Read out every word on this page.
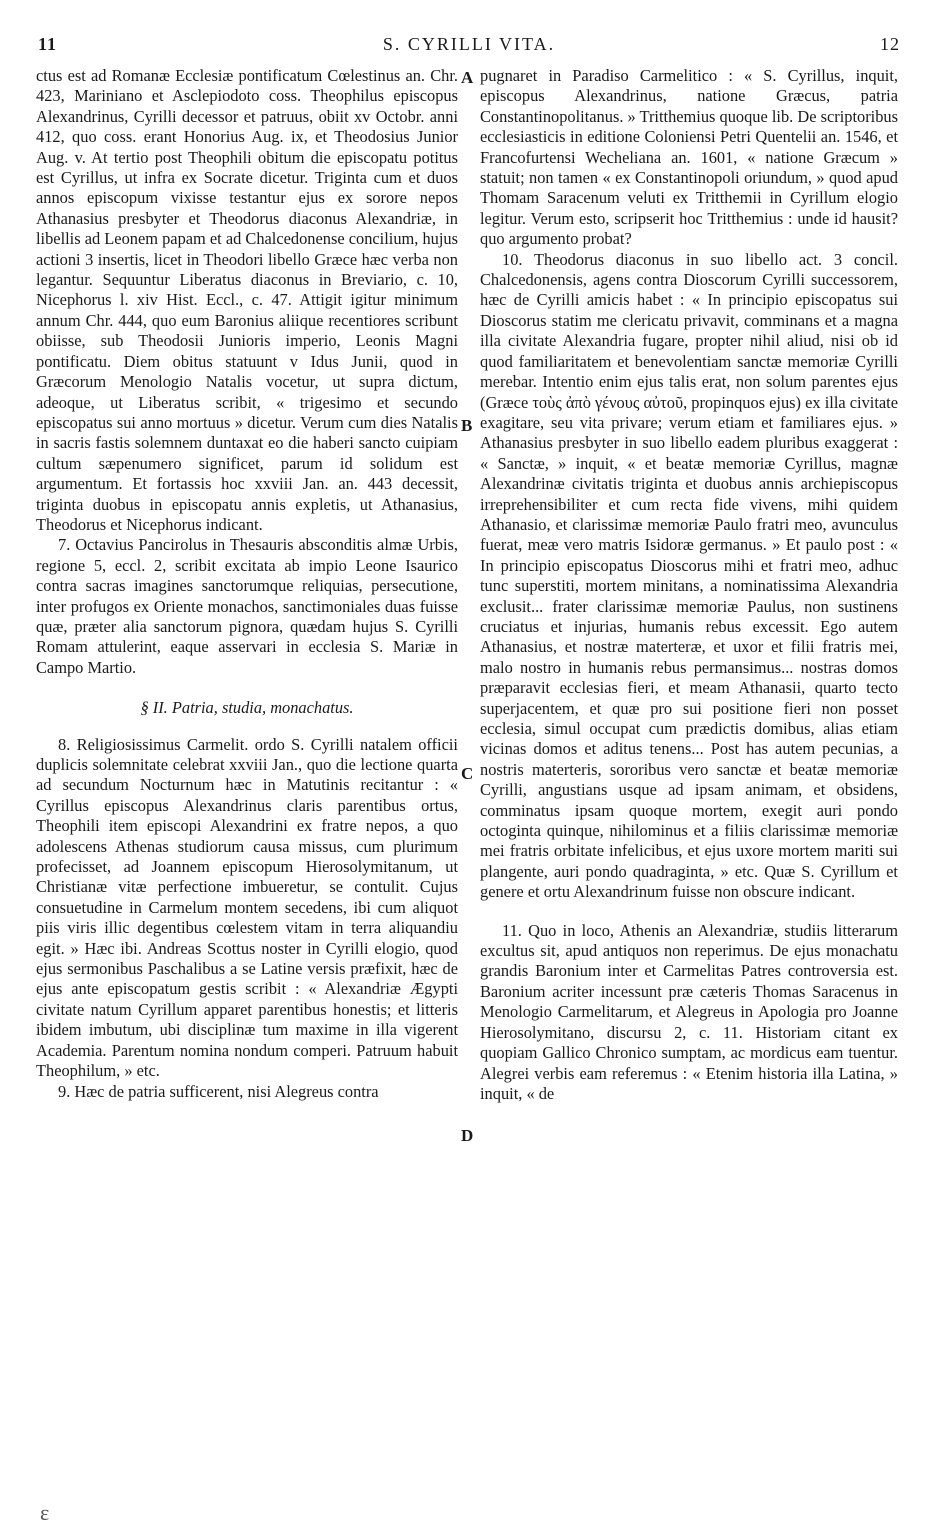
11	S. CYRILLI VITA.	12

ctus est ad Romanæ Ecclesiæ pontificatum Cœlestinus an. Chr. 423, Mariniano et Asclepiodoto coss. Theophilus episcopus Alexandrinus, Cyrilli decessor et patruus, obiit xv Octobr. anni 412, quo coss. erant Honorius Aug. ix, et Theodosius Junior Aug. v. At tertio post Theophili obitum die episcopatu potitus est Cyrillus, ut infra ex Socrate dicetur. Triginta cum et duos annos episcopum vixisse testantur ejus ex sorore nepos Athanasius presbyter et Theodorus diaconus Alexandriæ, in libellis ad Leonem papam et ad Chalcedonense concilium, hujus actioni 3 insertis, licet in Theodori libello Græce hæc verba non legantur. Sequuntur Liberatus diaconus in Breviario, c. 10, Nicephorus l. xiv Hist. Eccl., c. 47. Attigit igitur minimum annum Chr. 444, quo eum Baronius aliique recentiores scribunt obiisse, sub Theodosii Junioris imperio, Leonis Magni pontificatu. Diem obitus statuunt v Idus Junii, quod in Græcorum Menologio Natalis vocetur, ut supra dictum, adeoque, ut Liberatus scribit, « trigesimo et secundo episcopatus sui anno mortuus » dicetur. Verum cum dies Natalis in sacris fastis solemnem duntaxat eo die haberi sancto cuipiam cultum sæpenumero significet, parum id solidum est argumentum. Et fortassis hoc xxviii Jan. an. 443 decessit, triginta duobus in episcopatu annis expletis, ut Athanasius, Theodorus et Nicephorus indicant.

7. Octavius Pancirolus in Thesauris absconditis almæ Urbis, regione 5, eccl. 2, scribit excitata ab impio Leone Isaurico contra sacras imagines sanctorumque reliquias, persecutione, inter profugos ex Oriente monachos, sanctimoniales duas fuisse quæ, præter alia sanctorum pignora, quædam hujus S. Cyrilli Romam attulerint, eaque asservari in ecclesia S. Mariæ in Campo Martio.

§ II. Patria, studia, monachatus.

8. Religiosissimus Carmelit. ordo S. Cyrilli natalem officii duplicis solemnitate celebrat xxviii Jan., quo die lectione quarta ad secundum Nocturnum hæc in Matutinis recitantur : « Cyrillus episcopus Alexandrinus claris parentibus ortus, Theophili item episcopi Alexandrini ex fratre nepos, a quo adolescens Athenas studiorum causa missus, cum plurimum profecisset, ad Joannem episcopum Hierosolymitanum, ut Christianæ vitæ perfectione imbueretur, se contulit. Cujus consuetudine in Carmelum montem secedens, ibi cum aliquot piis viris illic degentibus cœlestem vitam in terra aliquandiu egit. » Hæc ibi. Andreas Scottus noster in Cyrilli elogio, quod ejus sermonibus Paschalibus a se Latine versis præfixit, hæc de ejus ante episcopatum gestis scribit : « Alexandriæ Ægypti civitate natum Cyrillum apparet parentibus honestis; et litteris ibidem imbutum, ubi disciplinæ tum maxime in illa vigerent Academia. Parentum nomina nondum comperi. Patruum habuit Theophilum, » etc.

9. Hæc de patria sufficerent, nisi Alegreus contra

pugnaret in Paradiso Carmelitico : « S. Cyrillus, inquit, episcopus Alexandrinus, natione Græcus, patria Constantinopolitanus. » Tritthemius quoque lib. De scriptoribus ecclesiasticis in editione Coloniensi Petri Quentelii an. 1546, et Francofurtensi Wecheliana an. 1601, « natione Græcum » statuit; non tamen « ex Constantinopoli oriundum, » quod apud Thomam Saracenum veluti ex Tritthemii in Cyrillum elogio legitur. Verum esto, scripserit hoc Tritthemius : unde id hausit? quo argumento probat?

10. Theodorus diaconus in suo libello act. 3 concil. Chalcedonensis, agens contra Dioscorum Cyrilli successorem, hæc de Cyrilli amicis habet : « In principio episcopatus sui Dioscorus statim me clericatu privavit, comminans et a magna illa civitate Alexandria fugare, propter nihil aliud, nisi ob id quod familiaritatem et benevolentiam sanctæ memoriæ Cyrilli merebar. Intentio enim ejus talis erat, non solum parentes ejus (Græce τοὺς ἀπὸ γένους αὐτοῦ, propinquos ejus) ex illa civitate exagitare, seu vita privare; verum etiam et familiares ejus. » Athanasius presbyter in suo libello eadem pluribus exaggerat : « Sanctæ, » inquit, « et beatæ memoriæ Cyrillus, magnæ Alexandrinæ civitatis triginta et duobus annis archiepiscopus irreprehensibiliter et cum recta fide vivens, mihi quidem Athanasio, et clarissimæ memoriæ Paulo fratri meo, avunculus fuerat, meæ vero matris Isidoræ germanus. » Et paulo post : « In principio episcopatus Dioscorus mihi et fratri meo, adhuc tunc superstiti, mortem minitans, a nominatissima Alexandria exclusit... frater clarissimæ memoriæ Paulus, non sustinens cruciatus et injurias, humanis rebus excessit. Ego autem Athanasius, et nostræ materteræ, et uxor et filii fratris mei, malo nostro in humanis rebus permansimus... nostras domos præparavit ecclesias fieri, et meam Athanasii, quarto tecto superjacentem, et quæ pro sui positione fieri non posset ecclesia, simul occupat cum prædictis domibus, alias etiam vicinas domos et aditus tenens... Post has autem pecunias, a nostris materteris, sororibus vero sanctæ et beatæ memoriæ Cyrilli, angustians usque ad ipsam animam, et obsidens, comminatus ipsam quoque mortem, exegit auri pondo octoginta quinque, nihilominus et a filiis clarissimæ memoriæ mei fratris orbitate infelicibus, et ejus uxore mortem mariti sui plangente, auri pondo quadraginta, » etc. Quæ S. Cyrillum et genere et ortu Alexandrinum fuisse non obscure indicant.

11. Quo in loco, Athenis an Alexandriæ, studiis litterarum excultus sit, apud antiquos non reperimus. De ejus monachatu grandis Baronium inter et Carmelitas Patres controversia est. Baronium acriter incessunt præ cæteris Thomas Saracenus in Menologio Carmelitarum, et Alegreus in Apologia pro Joanne Hierosolymitano, discursu 2, c. 11. Historiam citant ex quopiam Gallico Chronico sumptam, ac mordicus eam tuentur. Alegrei verbis eam referemus : « Etenim historia illa Latina, » inquit, « de

A
B
C
D
ε
